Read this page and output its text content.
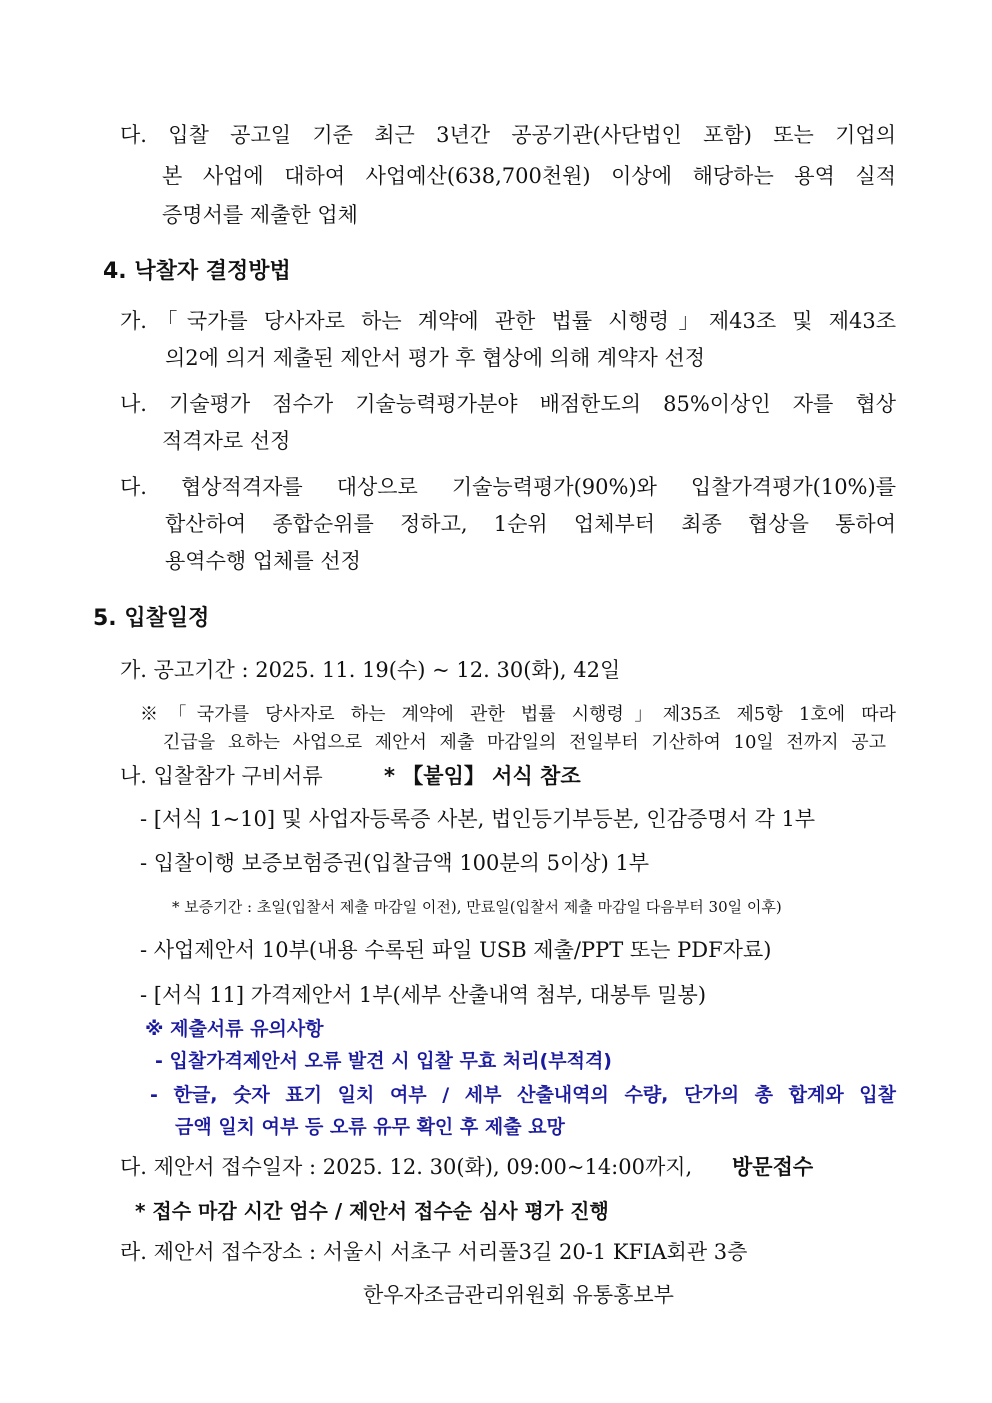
다. 입찰 공고일 기준 최근 3년간 공공기관(사단법인 포함) 또는 기업의
본 사업에 대하여 사업예산(638,700천원) 이상에 해당하는 용역 실적
증명서를 제출한 업체
4. 낙찰자 결정방법
가.「국가를 당사자로 하는 계약에 관한 법률 시행령」제43조 및 제43조
의2에 의거 제출된 제안서 평가 후 협상에 의해 계약자 선정
나. 기술평가 점수가 기술능력평가분야 배점한도의 85%이상인 자를 협상
적격자로 선정
다. 협상적격자를 대상으로 기술능력평가(90%)와 입찰가격평가(10%)를
합산하여 종합순위를 정하고, 1순위 업체부터 최종 협상을 통하여
용역수행 업체를 선정
5. 입찰일정
가. 공고기간 : 2025. 11. 19(수) ~ 12. 30(화), 42일
※「국가를 당사자로 하는 계약에 관한 법률 시행령」제35조 제5항 1호에 따라
긴급을 요하는 사업으로 제안서 제출 마감일의 전일부터 기산하여 10일 전까지 공고
나. 입찰참가 구비서류	* 【붙임】 서식 참조
- [서식 1~10] 및 사업자등록증 사본, 법인등기부등본, 인감증명서 각 1부
- 입찰이행 보증보험증권(입찰금액 100분의 5이상) 1부
* 보증기간 : 초일(입찰서 제출 마감일 이전), 만료일(입찰서 제출 마감일 다음부터 30일 이후)
- 사업제안서 10부(내용 수록된 파일 USB 제출/PPT 또는 PDF자료)
- [서식 11] 가격제안서 1부(세부 산출내역 첨부, 대봉투 밀봉)
※ 제출서류 유의사항
- 입찰가격제안서 오류 발견 시 입찰 무효 처리(부적격)
- 한글, 숫자 표기 일치 여부 / 세부 산출내역의 수량, 단가의 총 합계와 입찰
금액 일치 여부 등 오류 유무 확인 후 제출 요망
다. 제안서 접수일자 : 2025. 12. 30(화), 09:00~14:00까지, 방문접수
* 접수 마감 시간 엄수 / 제안서 접수순 심사 평가 진행
라. 제안서 접수장소 : 서울시 서초구 서리풀3길 20-1 KFIA회관 3층
한우자조금관리위원회 유통홍보부
